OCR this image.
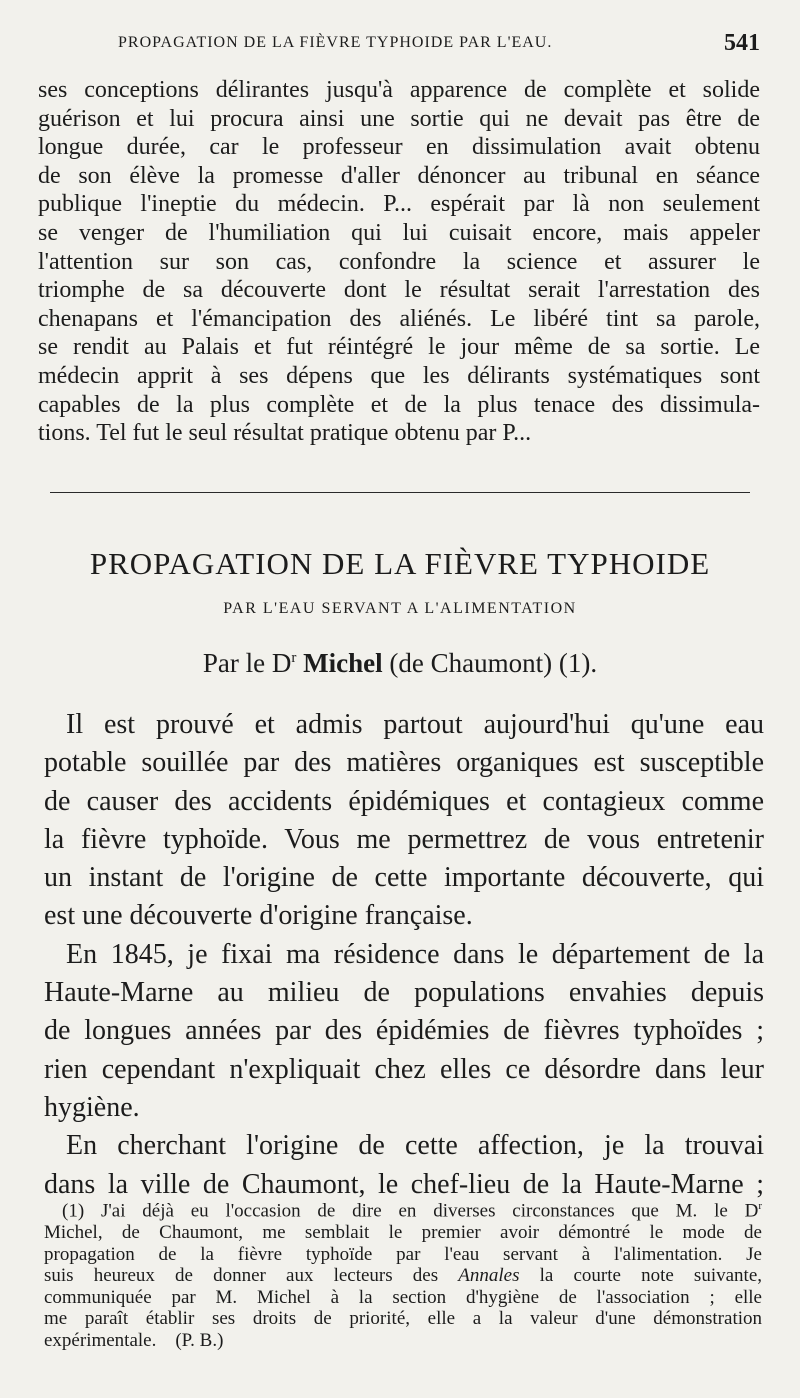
PROPAGATION DE LA FIÈVRE TYPHOIDE PAR L'EAU.	541
ses conceptions délirantes jusqu'à apparence de complète et solide
guérison et lui procura ainsi une sortie qui ne devait pas être de
longue durée, car le professeur en dissimulation avait obtenu
de son élève la promesse d'aller dénoncer au tribunal en séance
publique l'ineptie du médecin. P... espérait par là non seulement
se venger de l'humiliation qui lui cuisait encore, mais appeler
l'attention sur son cas, confondre la science et assurer le
triomphe de sa découverte dont le résultat serait l'arrestation des
chenapans et l'émancipation des aliénés. Le libéré tint sa parole,
se rendit au Palais et fut réintégré le jour même de sa sortie. Le
médecin apprit à ses dépens que les délirants systématiques sont
capables de la plus complète et de la plus tenace des dissimula-
tions. Tel fut le seul résultat pratique obtenu par P...
PROPAGATION DE LA FIÈVRE TYPHOIDE
PAR L'EAU SERVANT A L'ALIMENTATION
Par le $D^r$ Michel (de Chaumont) (1).
Il est prouvé et admis partout aujourd'hui qu'une eau
potable souillée par des matières organiques est susceptible
de causer des accidents épidémiques et contagieux comme
la fièvre typhoïde. Vous me permettrez de vous entretenir
un instant de l'origine de cette importante découverte, qui
est une découverte d'origine française.
En 1845, je fixai ma résidence dans le département de la
Haute-Marne au milieu de populations envahies depuis
de longues années par des épidémies de fièvres typhoïdes ;
rien cependant n'expliquait chez elles ce désordre dans leur
hygiène.
En cherchant l'origine de cette affection, je la trouvai
dans la ville de Chaumont, le chef-lieu de la Haute-Marne ;
(1) J'ai déjà eu l'occasion de dire en diverses circonstances que M. le $D^r$
Michel, de Chaumont, me semblait le premier avoir démontré le mode de
propagation de la fièvre typhoïde par l'eau servant à l'alimentation. Je
suis heureux de donner aux lecteurs des Annales la courte note suivante,
communiquée par M. Michel à la section d'hygiène de l'association ; elle
me paraît établir ses droits de priorité, elle a la valeur d'une démonstration
expérimentale.    (P. B.)
